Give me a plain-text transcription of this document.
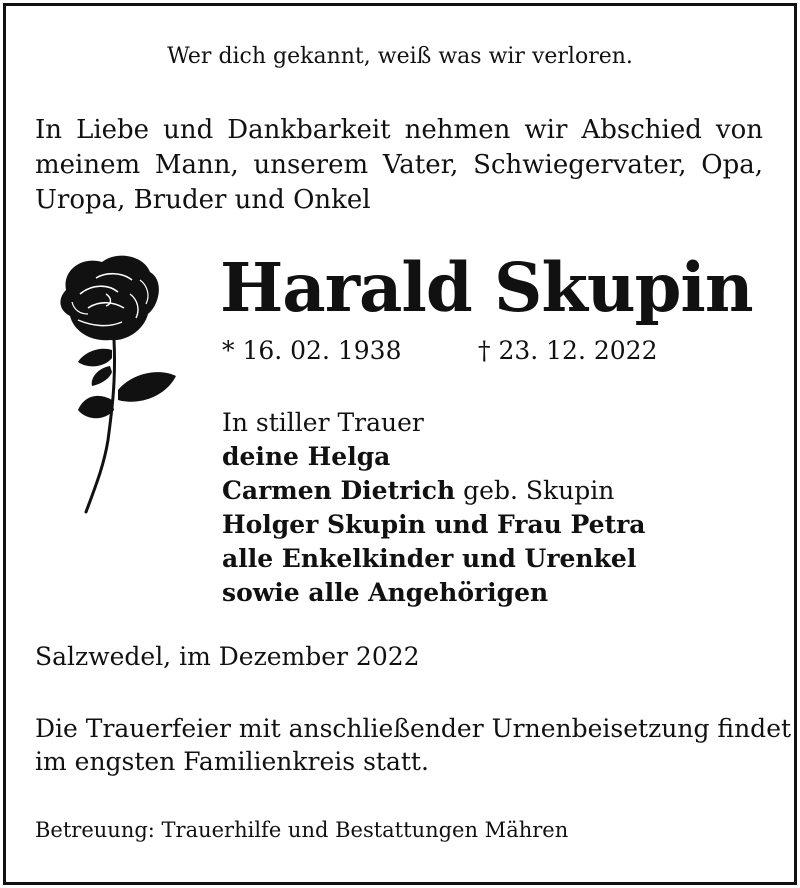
Wer dich gekannt, weiß was wir verloren.

In Liebe und Dankbarkeit nehmen wir Abschied von
meinem Mann, unserem Vater, Schwiegervater, Opa,
Uropa, Bruder und Onkel
Harald Skupin
* 16. 02. 1938	† 23. 12. 2022
In stiller Trauer
deine Helga
Carmen Dietrich geb. Skupin
Holger Skupin und Frau Petra
alle Enkelkinder und Urenkel
sowie alle Angehörigen
Salzwedel, im Dezember 2022
Die Trauerfeier mit anschließender Urnenbeisetzung findet
im engsten Familienkreis statt.
Betreuung: Trauerhilfe und Bestattungen Mähren
